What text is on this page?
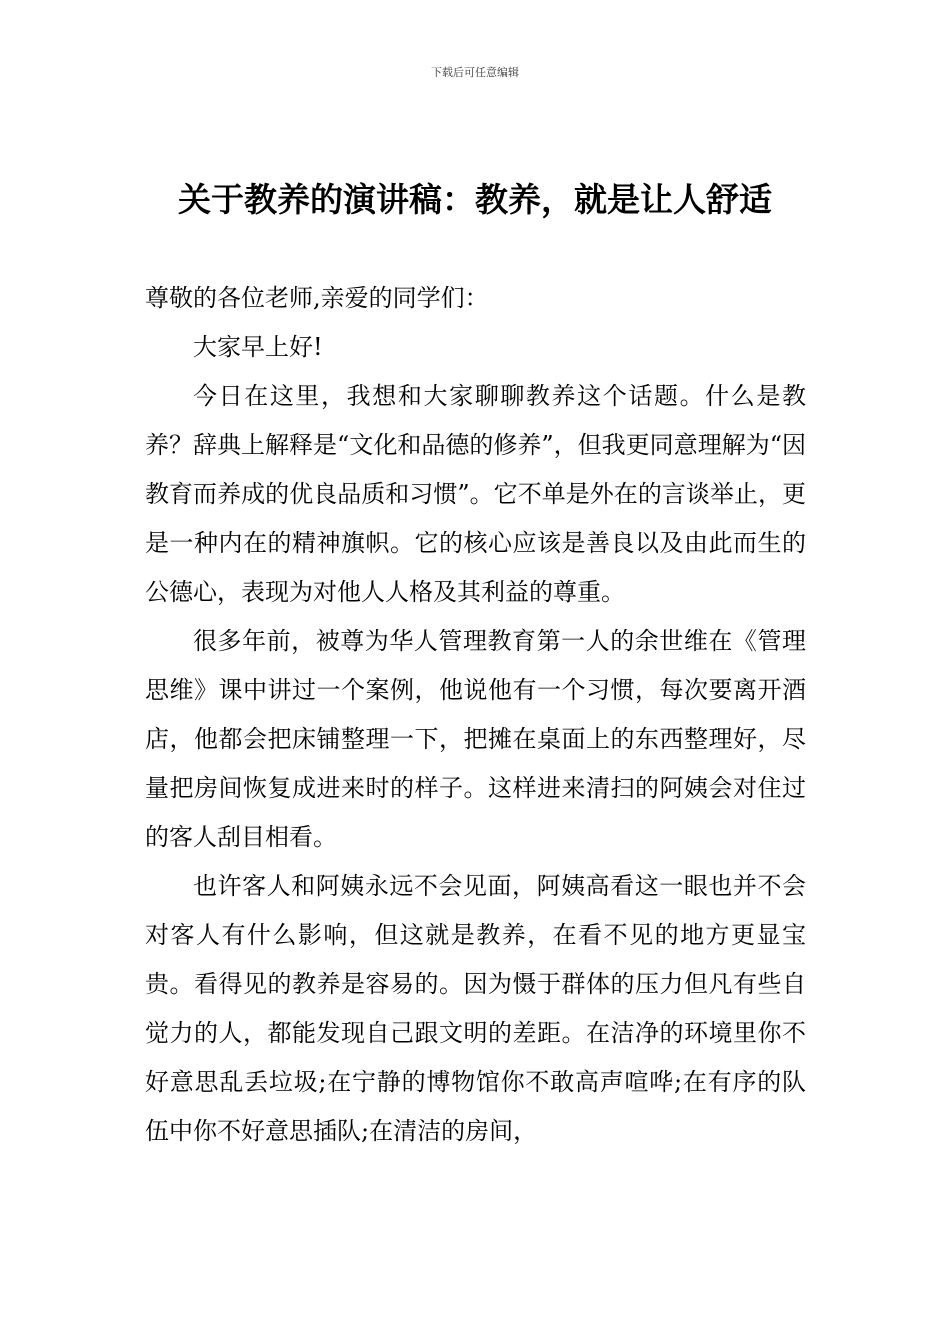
下载后可任意编辑
关于教养的演讲稿：教养，就是让人舒适

尊敬的各位老师,亲爱的同学们：

大家早上好!

今日在这里，我想和大家聊聊教养这个话题。什么是教养？辞典上解释是“文化和品德的修养”，但我更同意理解为“因教育而养成的优良品质和习惯”。它不单是外在的言谈举止，更是一种内在的精神旗帜。它的核心应该是善良以及由此而生的公德心，表现为对他人人格及其利益的尊重。

很多年前，被尊为华人管理教育第一人的余世维在《管理思维》课中讲过一个案例，他说他有一个习惯，每次要离开酒店，他都会把床铺整理一下，把摊在桌面上的东西整理好，尽量把房间恢复成进来时的样子。这样进来清扫的阿姨会对住过的客人刮目相看。

也许客人和阿姨永远不会见面，阿姨高看这一眼也并不会对客人有什么影响，但这就是教养，在看不见的地方更显宝贵。看得见的教养是容易的。因为慑于群体的压力但凡有些自觉力的人，都能发现自己跟文明的差距。在洁净的环境里你不好意思乱丢垃圾;在宁静的博物馆你不敢高声喧哗;在有序的队伍中你不好意思插队;在清洁的房间，
